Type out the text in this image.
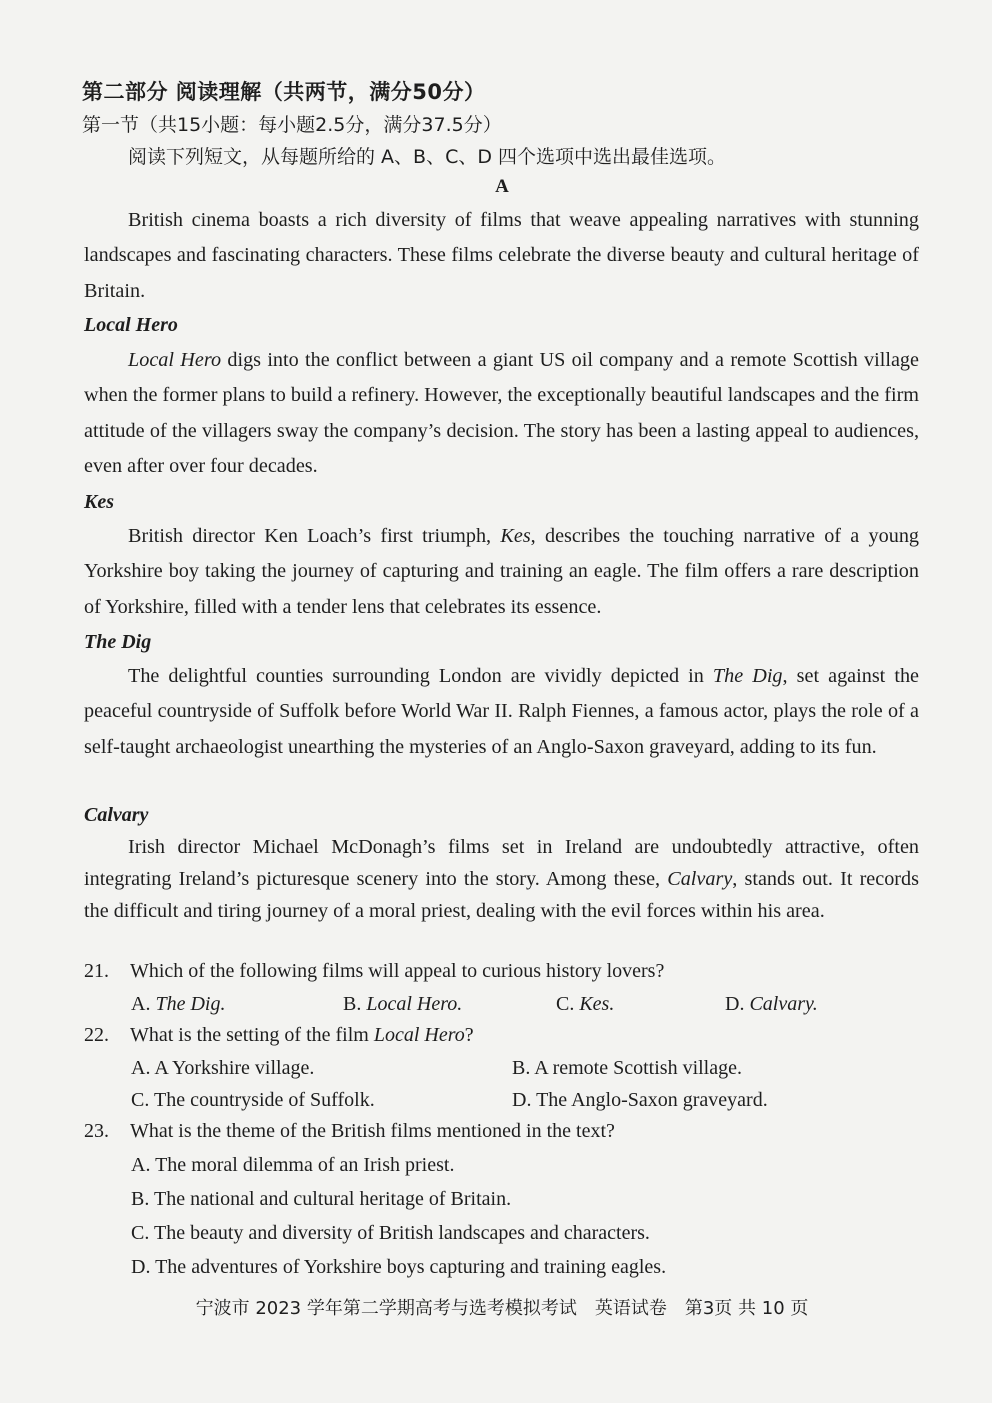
第二部分 阅读理解（共两节，满分50分）
第一节（共15小题：每小题2.5分，满分37.5分）
阅读下列短文，从每题所给的 A、B、C、D 四个选项中选出最佳选项。
A

British cinema boasts a rich diversity of films that weave appealing narratives with stunning landscapes and fascinating characters. These films celebrate the diverse beauty and cultural heritage of Britain.

Local Hero

Local Hero digs into the conflict between a giant US oil company and a remote Scottish village when the former plans to build a refinery. However, the exceptionally beautiful landscapes and the firm attitude of the villagers sway the company’s decision. The story has been a lasting appeal to audiences, even after over four decades.

Kes

British director Ken Loach’s first triumph, Kes, describes the touching narrative of a young Yorkshire boy taking the journey of capturing and training an eagle. The film offers a rare description of Yorkshire, filled with a tender lens that celebrates its essence.

The Dig

The delightful counties surrounding London are vividly depicted in The Dig, set against the peaceful countryside of Suffolk before World War II. Ralph Fiennes, a famous actor, plays the role of a self-taught archaeologist unearthing the mysteries of an Anglo-Saxon graveyard, adding to its fun.

Calvary

Irish director Michael McDonagh’s films set in Ireland are undoubtedly attractive, often integrating Ireland’s picturesque scenery into the story. Among these, Calvary, stands out. It records the difficult and tiring journey of a moral priest, dealing with the evil forces within his area.

21. Which of the following films will appeal to curious history lovers?
A. The Dig.	B. Local Hero.	C. Kes.	D. Calvary.
22. What is the setting of the film Local Hero?
A. A Yorkshire village.	B. A remote Scottish village.
C. The countryside of Suffolk.	D. The Anglo-Saxon graveyard.
23. What is the theme of the British films mentioned in the text?
A. The moral dilemma of an Irish priest.
B. The national and cultural heritage of Britain.
C. The beauty and diversity of British landscapes and characters.
D. The adventures of Yorkshire boys capturing and training eagles.
宁波市 2023 学年第二学期高考与选考模拟考试　英语试卷　第3页 共 10 页
